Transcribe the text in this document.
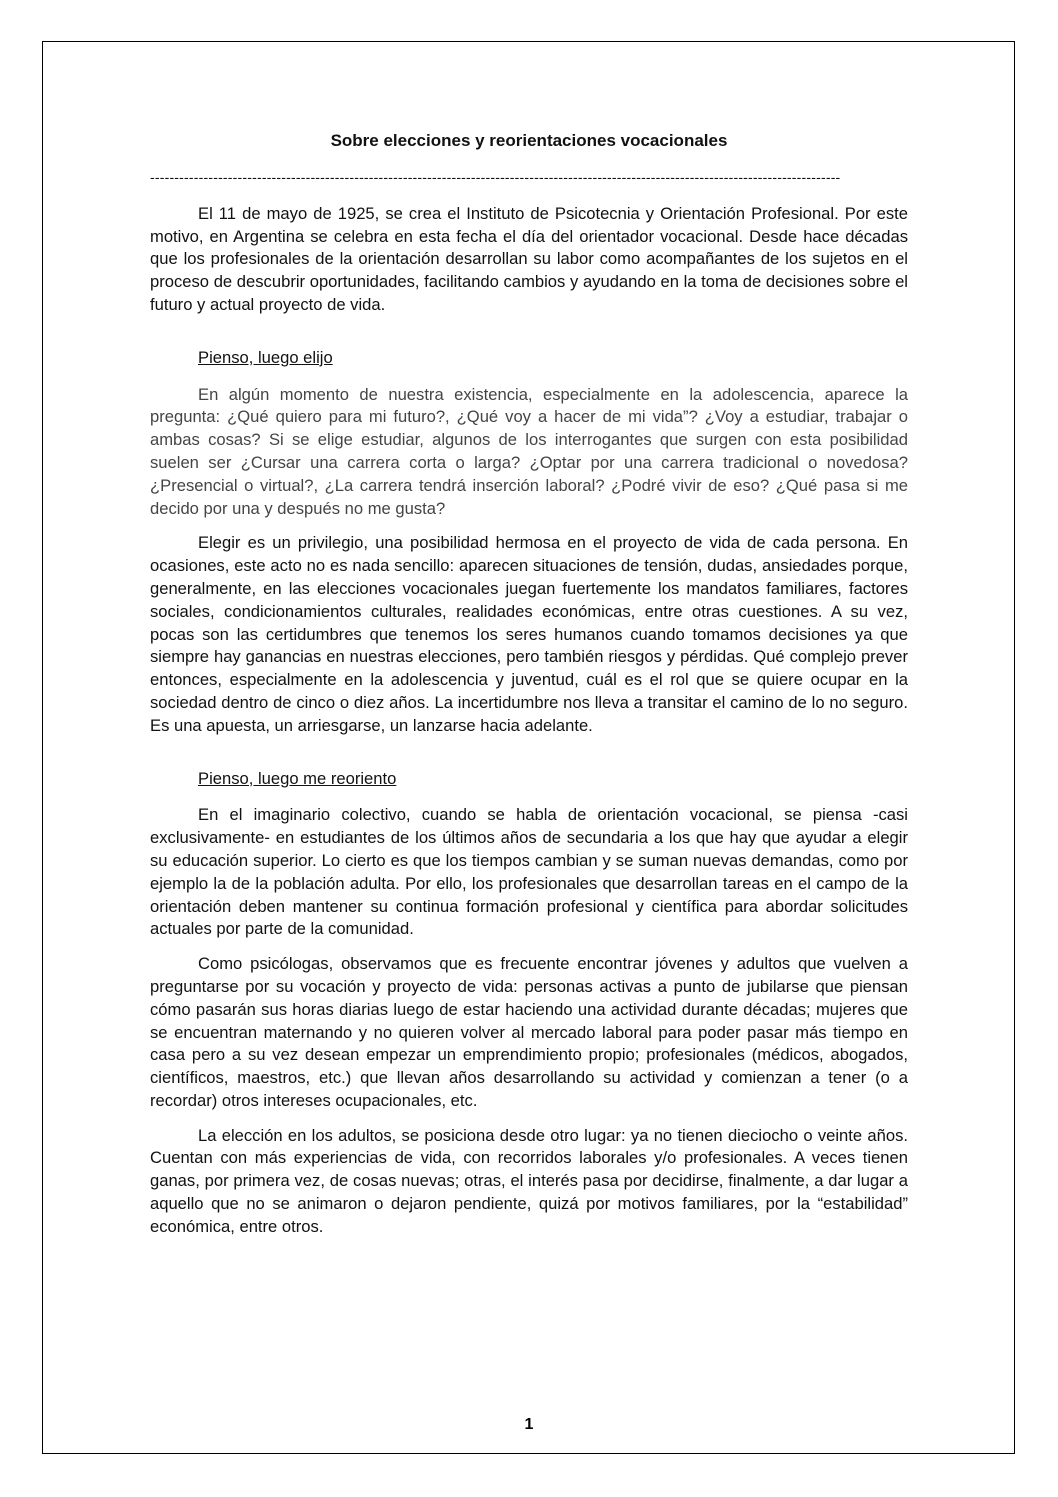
Sobre elecciones y reorientaciones vocacionales
----------------------------------------------------------------------------------------------------------------------------------------------

El 11 de mayo de 1925, se crea el Instituto de Psicotecnia y Orientación Profesional. Por este motivo, en Argentina se celebra en esta fecha el día del orientador vocacional. Desde hace décadas que los profesionales de la orientación desarrollan su labor como acompañantes de los sujetos en el proceso de descubrir oportunidades, facilitando cambios y ayudando en la toma de decisiones sobre el futuro y actual proyecto de vida.

Pienso, luego elijo

En algún momento de nuestra existencia, especialmente en la adolescencia, aparece la pregunta: ¿Qué quiero para mi futuro?, ¿Qué voy a hacer de mi vida”? ¿Voy a estudiar, trabajar o ambas cosas? Si se elige estudiar, algunos de los interrogantes que surgen con esta posibilidad suelen ser ¿Cursar una carrera corta o larga? ¿Optar por una carrera tradicional o novedosa? ¿Presencial o virtual?, ¿La carrera tendrá inserción laboral? ¿Podré vivir de eso? ¿Qué pasa si me decido por una y después no me gusta?

Elegir es un privilegio, una posibilidad hermosa en el proyecto de vida de cada persona. En ocasiones, este acto no es nada sencillo: aparecen situaciones de tensión, dudas, ansiedades porque, generalmente, en las elecciones vocacionales juegan fuertemente los mandatos familiares, factores sociales, condicionamientos culturales, realidades económicas, entre otras cuestiones. A su vez, pocas son las certidumbres que tenemos los seres humanos cuando tomamos decisiones ya que siempre hay ganancias en nuestras elecciones, pero también riesgos y pérdidas. Qué complejo prever entonces, especialmente en la adolescencia y juventud, cuál es el rol que se quiere ocupar en la sociedad dentro de cinco o diez años. La incertidumbre nos lleva a transitar el camino de lo no seguro. Es una apuesta, un arriesgarse, un lanzarse hacia adelante.

Pienso, luego me reoriento

En el imaginario colectivo, cuando se habla de orientación vocacional, se piensa -casi exclusivamente- en estudiantes de los últimos años de secundaria a los que hay que ayudar a elegir su educación superior. Lo cierto es que los tiempos cambian y se suman nuevas demandas, como por ejemplo la de la población adulta. Por ello, los profesionales que desarrollan tareas en el campo de la orientación deben mantener su continua formación profesional y científica para abordar solicitudes actuales por parte de la comunidad.

Como psicólogas, observamos que es frecuente encontrar jóvenes y adultos que vuelven a preguntarse por su vocación y proyecto de vida: personas activas a punto de jubilarse que piensan cómo pasarán sus horas diarias luego de estar haciendo una actividad durante décadas; mujeres que se encuentran maternando y no quieren volver al mercado laboral para poder pasar más tiempo en casa pero a su vez desean empezar un emprendimiento propio; profesionales (médicos, abogados, científicos, maestros, etc.) que llevan años desarrollando su actividad y comienzan a tener (o a recordar) otros intereses ocupacionales, etc.

La elección en los adultos, se posiciona desde otro lugar: ya no tienen dieciocho o veinte años. Cuentan con más experiencias de vida, con recorridos laborales y/o profesionales. A veces tienen ganas, por primera vez, de cosas nuevas; otras, el interés pasa por decidirse, finalmente, a dar lugar a aquello que no se animaron o dejaron pendiente, quizá por motivos familiares, por la “estabilidad” económica, entre otros.

1
